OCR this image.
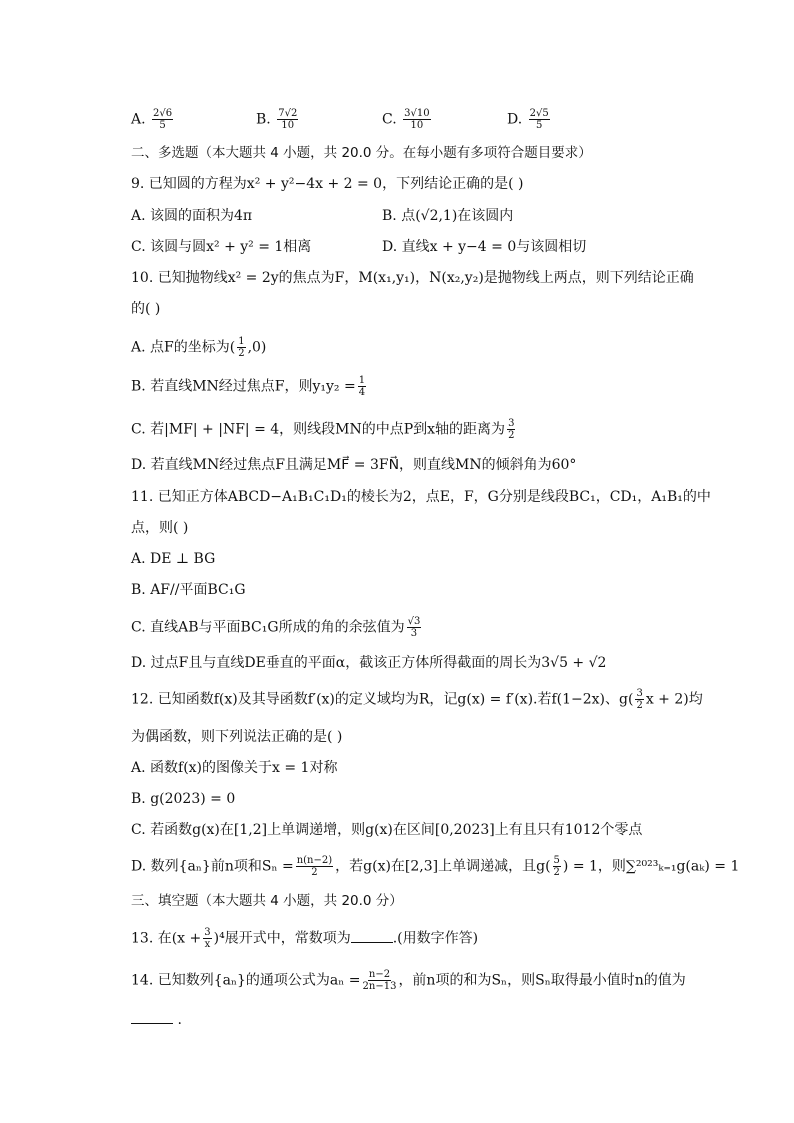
A. $\frac{2√6}{5}$	B. $\frac{7√2}{10}$	C. $\frac{3√10}{10}$	D. $\frac{2√5}{5}$
二、多选题（本大题共 4 小题，共 20.0 分。在每小题有多项符合题目要求）
9. 已知圆的方程为x² + y²−4x + 2 = 0，下列结论正确的是( )
A. 该圆的面积为4π	B. 点(√2,1)在该圆内
C. 该圆与圆x² + y² = 1相离	D. 直线x + y−4 = 0与该圆相切
10. 已知抛物线x² = 2y的焦点为F，M(x₁,y₁)，N(x₂,y₂)是抛物线上两点，则下列结论正确
的( )
A. 点F的坐标为( $\frac{1}{2} ,0$)
B. 若直线MN经过焦点F，则$y_1y_2 = \frac{1}{4}$
C. 若|MF| + |NF| = 4，则线段MN的中点P到x轴的距离为 $\frac{3}{2}$
D. 若直线MN经过焦点F且满足MF⃗ = 3FN⃗，则直线MN的倾斜角为60°
11. 已知正方体ABCD−A₁B₁C₁D₁的棱长为2，点E，F，G分别是线段BC₁，CD₁，A₁B₁的中
点，则( )
A. DE ⊥ BG
B. AF//平面BC₁G
C. 直线AB与平面BC₁G所成的角的余弦值为 $\frac{√3}{3}$
D. 过点F且与直线DE垂直的平面α，截该正方体所得截面的周长为3√5 + √2
12. 已知函数f(x)及其导函数f′(x)的定义域均为R，记g(x) = f′(x).若f(1−2x)、$g( \frac{3}{2}$ x + 2)均
为偶函数，则下列说法正确的是( )
A. 函数f(x)的图像关于x = 1对称
B. g(2023) = 0
C. 若函数g(x)在[1,2]上单调递增，则g(x)在区间[0,2023]上有且只有1012个零点
D. 数列{aₙ}前n项和$S_n = \frac{n(n-2)}{2}$ ，若g(x)在[2,3]上单调递减，且$g( \frac{5}{2}$ ) = 1，则∑²⁰²³ₖ₌₁g(aₖ) = 1
三、填空题（本大题共 4 小题，共 20.0 分）
13. 在$(x + \frac{3}{x} )^4$展开式中，常数项为	.(用数字作答)
14. 已知数列{aₙ}的通项公式为$a_n = \frac{n-2}{2n-13}$ ，前n项的和为Sₙ，则Sₙ取得最小值时n的值为
.
